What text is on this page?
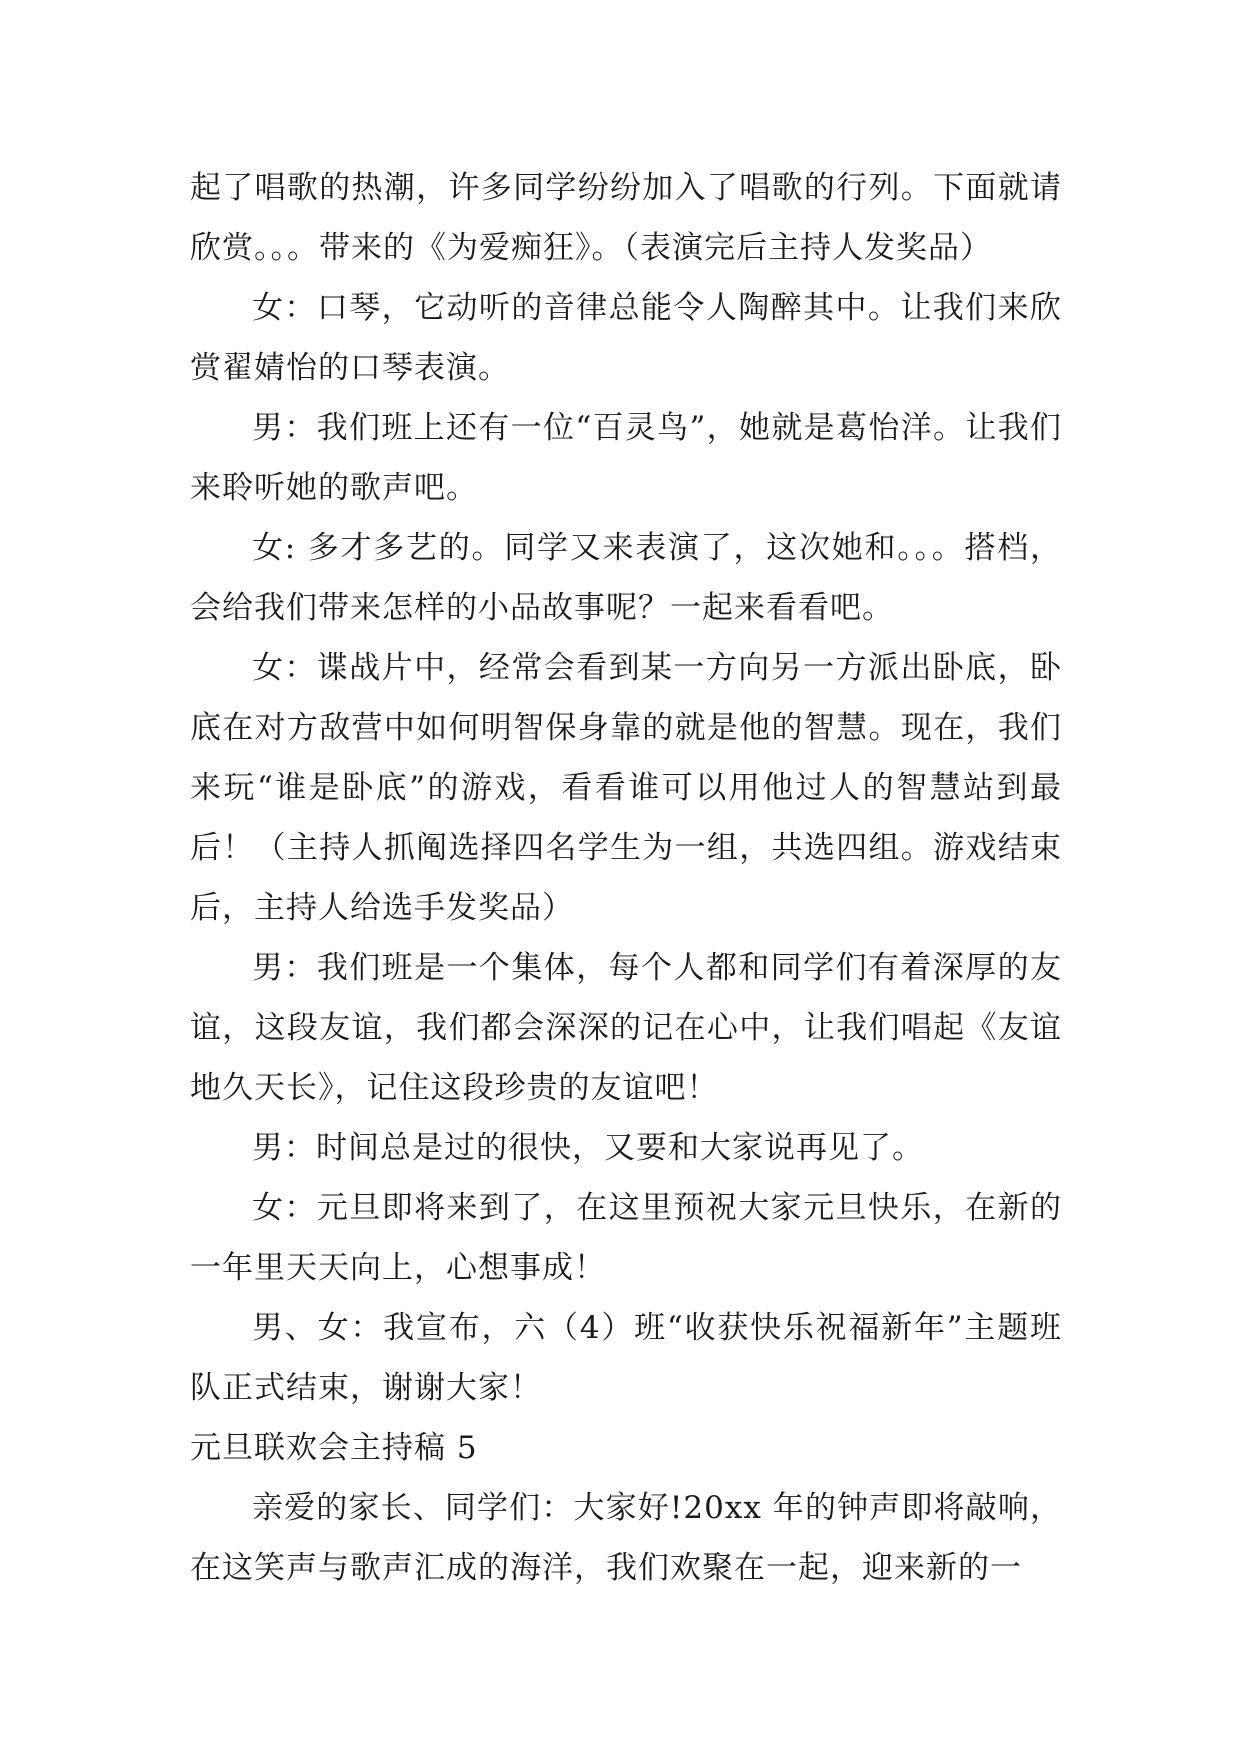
起了唱歌的热潮，许多同学纷纷加入了唱歌的行列。下面就请欣赏。。。带来的《为爱痴狂》。（表演完后主持人发奖品）

女：口琴，它动听的音律总能令人陶醉其中。让我们来欣赏翟婧怡的口琴表演。

男：我们班上还有一位“百灵鸟”，她就是葛怡洋。让我们来聆听她的歌声吧。

女: 多才多艺的。同学又来表演了，这次她和。。。搭档，会给我们带来怎样的小品故事呢？一起来看看吧。

女：谍战片中，经常会看到某一方向另一方派出卧底，卧底在对方敌营中如何明智保身靠的就是他的智慧。现在，我们来玩“谁是卧底”的游戏，看看谁可以用他过人的智慧站到最后！（主持人抓阄选择四名学生为一组，共选四组。游戏结束后，主持人给选手发奖品）

男：我们班是一个集体，每个人都和同学们有着深厚的友谊，这段友谊，我们都会深深的记在心中，让我们唱起《友谊地久天长》，记住这段珍贵的友谊吧！

男：时间总是过的很快，又要和大家说再见了。

女：元旦即将来到了，在这里预祝大家元旦快乐，在新的一年里天天向上，心想事成！

男、女：我宣布，六（4）班“收获快乐祝福新年”主题班队正式结束，谢谢大家！

元旦联欢会主持稿 5

亲爱的家长、同学们：大家好!20xx 年的钟声即将敲响，在这笑声与歌声汇成的海洋，我们欢聚在一起，迎来新的一
